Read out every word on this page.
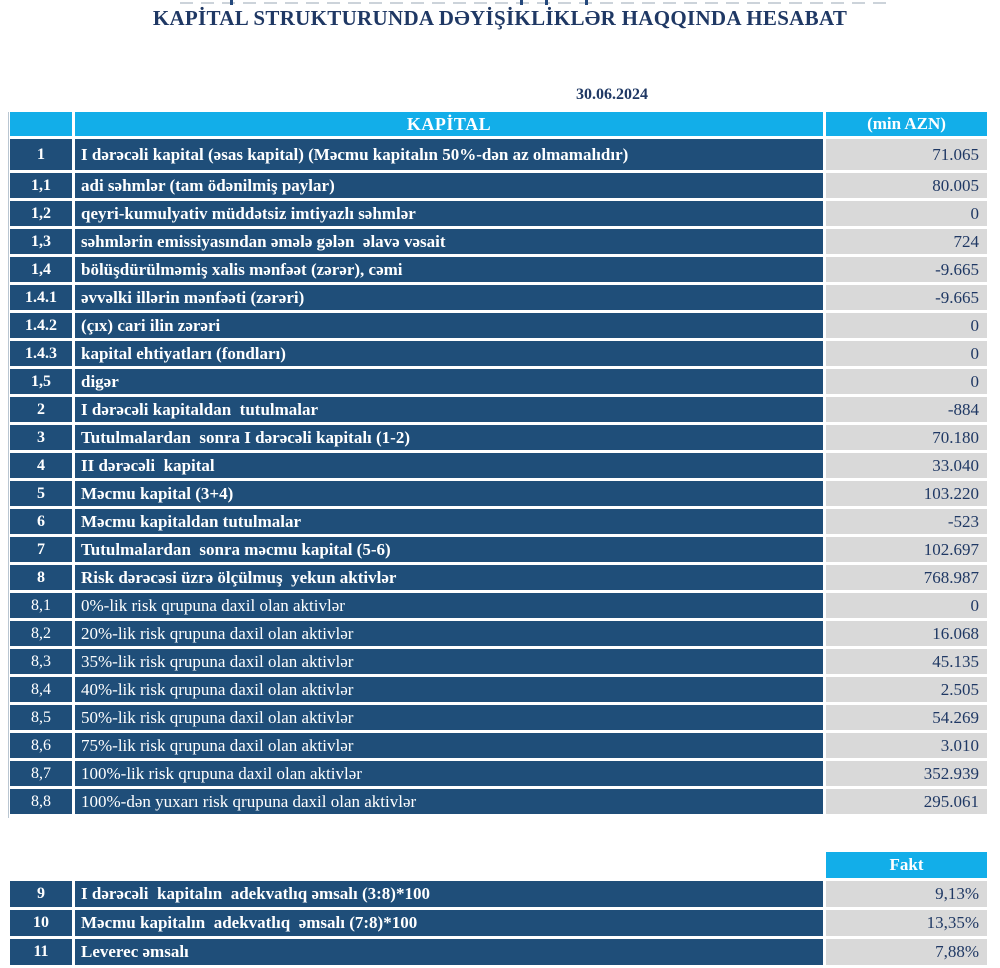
KAPİTAL STRUKTURUNDA DƏYİŞİKLİKLƏR HAQQINDA HESABAT
30.06.2024
	KAPİTAL	(min AZN)
1	I dərəcəli kapital (əsas kapital) (Məcmu kapitalın 50%-dən az olmamalıdır)	71.065
1,1	adi səhmlər (tam ödənilmiş paylar)	80.005
1,2	qeyri-kumulyativ müddətsiz imtiyazlı səhmlər	0
1,3	səhmlərin emissiyasından əmələ gələn  əlavə vəsait	724
1,4	bölüşdürülməmiş xalis mənfəət (zərər), cəmi	-9.665
1.4.1	əvvəlki illərin mənfəəti (zərəri)	-9.665
1.4.2	(çıx) cari ilin zərəri	0
1.4.3	kapital ehtiyatları (fondları)	0
1,5	digər	0
2	I dərəcəli kapitaldan  tutulmalar	-884
3	Tutulmalardan  sonra I dərəcəli kapitalı (1-2)	70.180
4	II dərəcəli  kapital	33.040
5	Məcmu kapital (3+4)	103.220
6	Məcmu kapitaldan tutulmalar	-523
7	Tutulmalardan  sonra məcmu kapital (5-6)	102.697
8	Risk dərəcəsi üzrə ölçülmuş  yekun aktivlər	768.987
8,1	0%-lik risk qrupuna daxil olan aktivlər	0
8,2	20%-lik risk qrupuna daxil olan aktivlər	16.068
8,3	35%-lik risk qrupuna daxil olan aktivlər	45.135
8,4	40%-lik risk qrupuna daxil olan aktivlər	2.505
8,5	50%-lik risk qrupuna daxil olan aktivlər	54.269
8,6	75%-lik risk qrupuna daxil olan aktivlər	3.010
8,7	100%-lik risk qrupuna daxil olan aktivlər	352.939
8,8	100%-dən yuxarı risk qrupuna daxil olan aktivlər	295.061
		Fakt
9	I dərəcəli  kapitalın  adekvatlıq əmsalı (3:8)*100	9,13%
10	Məcmu kapitalın  adekvatlıq  əmsalı (7:8)*100	13,35%
11	Leverec əmsalı	7,88%
